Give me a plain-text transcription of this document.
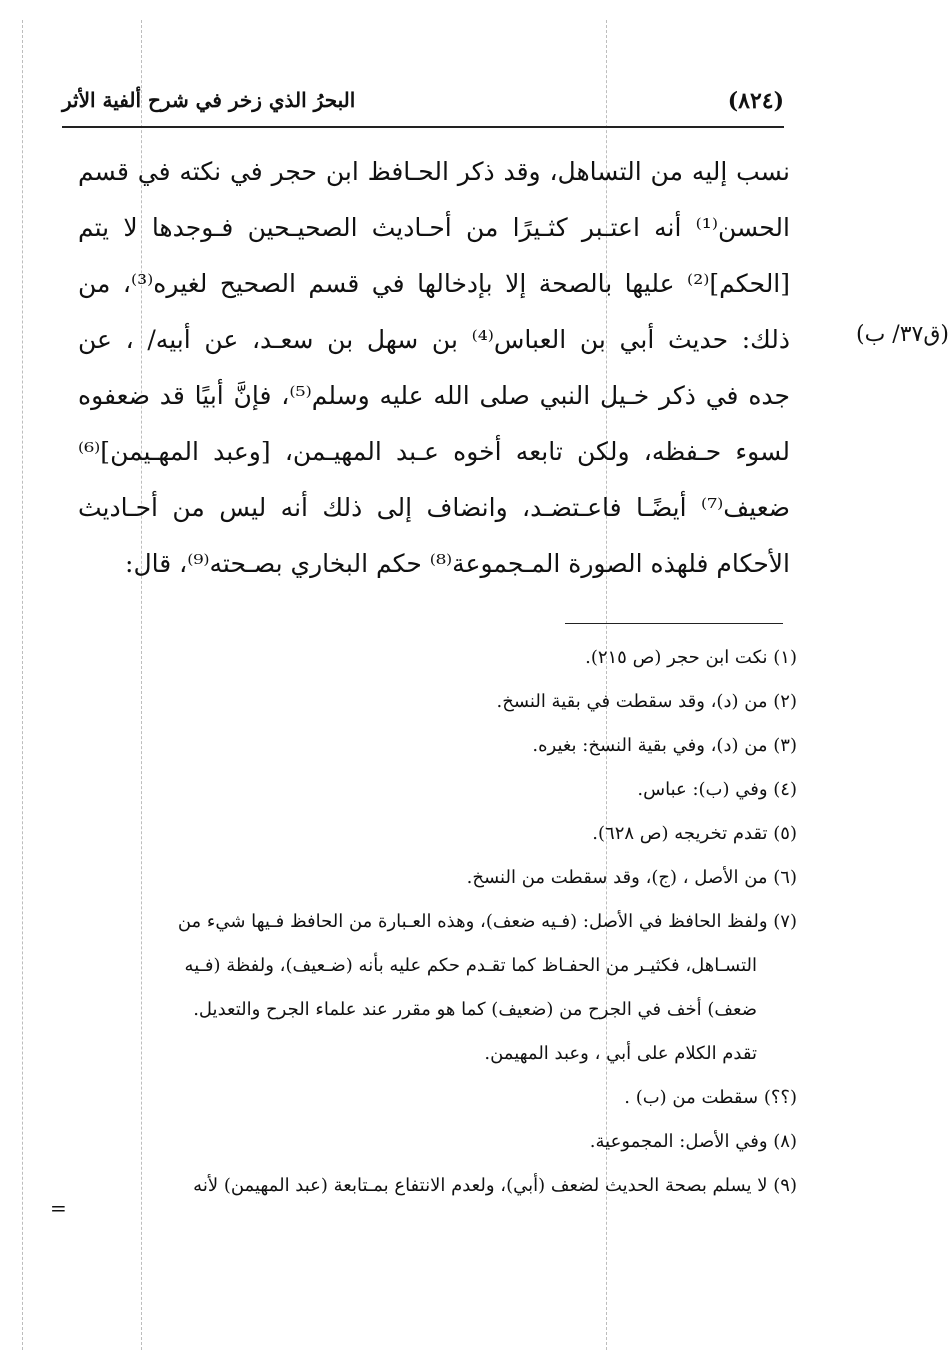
(٨٢٤)
البحرُ الذي زخر في شرح ألفية الأثر
(ق٣٧/ ب)
نسب إليه من التساهل، وقد ذكر الحـافظ ابن حجر في نكته في قسم
الحسن⁽¹⁾ أنه اعتـبر كثـيرًا من أحـاديث الصحيـحين فـوجدها لا يتم
[الحكم]⁽²⁾ عليها بالصحة إلا بإدخالها في قسم الصحيح لغيره⁽³⁾، من
ذلك: حديث أبي بن العباس⁽⁴⁾ بن سهل بن سعـد، عن أبيه/ ، عن
جده في ذكر خـيل النبي صلى الله عليه وسلم⁽⁵⁾، فإنَّ أبيًا قد ضعفوه
لسوء حـفظه، ولكن تابعه أخوه عـبد المهيـمن، [وعبد المهـيمن]⁽⁶⁾
ضعيف⁽⁷⁾ أيضًـا فاعـتضـد، وانضاف إلى ذلك أنه ليس من أحـاديث
الأحكام فلهذه الصورة المـجموعة⁽⁸⁾ حكم البخاري بصـحته⁽⁹⁾، قال:
(١) نكت ابن حجر (ص ٢١٥).
(٢) من (د)، وقد سقطت في بقية النسخ.
(٣) من (د)، وفي بقية النسخ: بغيره.
(٤) وفي (ب): عباس.
(٥) تقدم تخريجه (ص ٦٢٨).
(٦) من الأصل ، (ج)، وقد سقطت من النسخ.
(٧) ولفظ الحافظ في الأصل: (فـيه ضعف)، وهذه العـبارة من الحافظ فـيها شيء من
التسـاهل، فكثيـر من الحفـاظ كما تقـدم حكم عليه بأنه (ضـعيف)، ولفظة (فـيه
ضعف) أخف في الجرح من (ضعيف) كما هو مقرر عند علماء الجرح والتعديل.
تقدم الكلام على أبي ، وعبد المهيمن.
(؟؟) سقطت من (ب) .
(٨) وفي الأصل: المجموعية.
(٩) لا يسلم بصحة الحديث لضعف (أبي)، ولعدم الانتفاع بمـتابعة (عبد المهيمن) لأنه
=
